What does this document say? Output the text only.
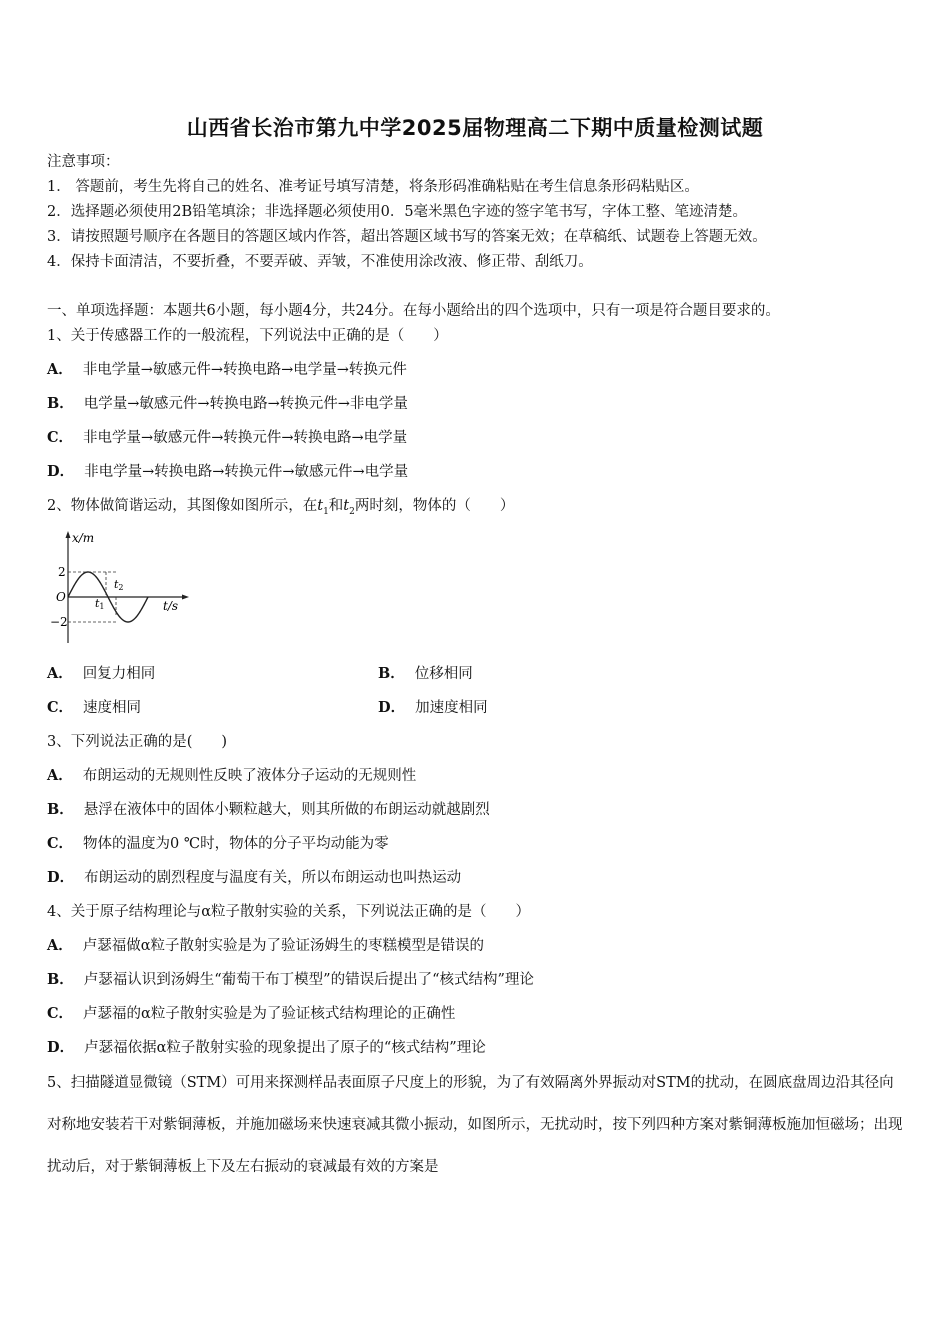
山西省长治市第九中学2025届物理高二下期中质量检测试题
注意事项：
1． 答题前，考生先将自己的姓名、准考证号填写清楚，将条形码准确粘贴在考生信息条形码粘贴区。
2．选择题必须使用2B铅笔填涂；非选择题必须使用0．5毫米黑色字迹的签字笔书写，字体工整、笔迹清楚。
3．请按照题号顺序在各题目的答题区域内作答，超出答题区域书写的答案无效；在草稿纸、试题卷上答题无效。
4．保持卡面清洁，不要折叠，不要弄破、弄皱，不准使用涂改液、修正带、刮纸刀。
一、单项选择题：本题共6小题，每小题4分，共24分。在每小题给出的四个选项中，只有一项是符合题目要求的。
1、关于传感器工作的一般流程，下列说法中正确的是（　　）
A． 非电学量→敏感元件→转换电路→电学量→转换元件
B． 电学量→敏感元件→转换电路→转换元件→非电学量
C． 非电学量→敏感元件→转换元件→转换电路→电学量
D． 非电学量→转换电路→转换元件→敏感元件→电学量
2、物体做简谐运动，其图像如图所示，在$t_1$和$t_2$两时刻，物体的（　　）
x/m
t/s
O
2
−2
t1
t2
A． 回复力相同	B． 位移相同
C． 速度相同	D． 加速度相同
3、下列说法正确的是(　　)
A． 布朗运动的无规则性反映了液体分子运动的无规则性
B． 悬浮在液体中的固体小颗粒越大，则其所做的布朗运动就越剧烈
C． 物体的温度为0 ℃时，物体的分子平均动能为零
D． 布朗运动的剧烈程度与温度有关，所以布朗运动也叫热运动
4、关于原子结构理论与α粒子散射实验的关系，下列说法正确的是（　　）
A． 卢瑟福做α粒子散射实验是为了验证汤姆生的枣糕模型是错误的
B． 卢瑟福认识到汤姆生“葡萄干布丁模型”的错误后提出了“核式结构”理论
C． 卢瑟福的α粒子散射实验是为了验证核式结构理论的正确性
D． 卢瑟福依据α粒子散射实验的现象提出了原子的“核式结构”理论
5、扫描隧道显微镜（STM）可用来探测样品表面原子尺度上的形貌，为了有效隔离外界振动对STM的扰动，在圆底盘周边沿其径向对称地安装若干对紫铜薄板，并施加磁场来快速衰减其微小振动，如图所示，无扰动时，按下列四种方案对紫铜薄板施加恒磁场；出现扰动后，对于紫铜薄板上下及左右振动的衰减最有效的方案是
